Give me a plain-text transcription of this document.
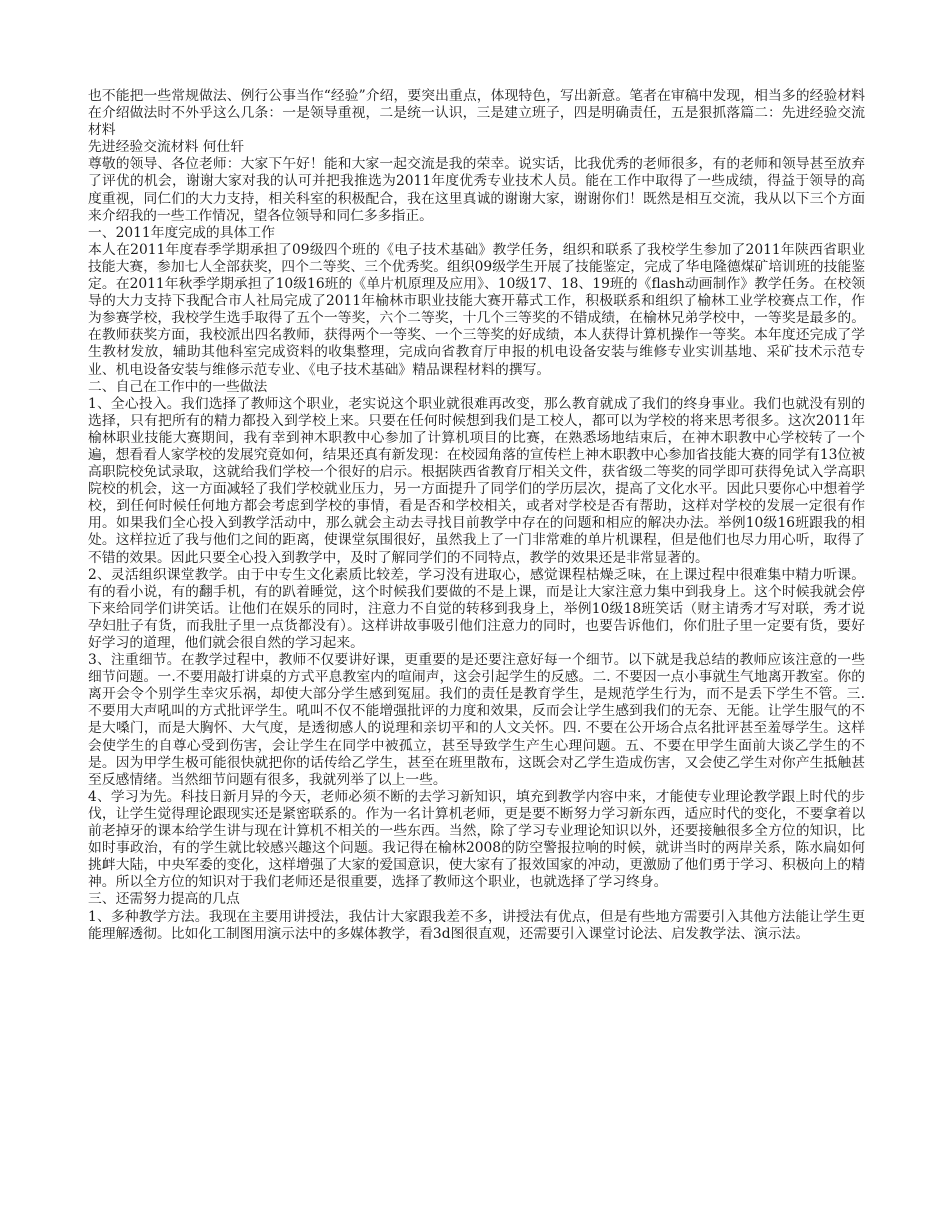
也不能把一些常规做法、例行公事当作“经验”介绍，要突出重点，体现特色，写出新意。笔者在审稿中发现，相当多的经验材料在介绍做法时不外乎这么几条：一是领导重视，二是统一认识，三是建立班子，四是明确责任，五是狠抓落篇二：先进经验交流材料

先进经验交流材料 何仕轩

尊敬的领导、各位老师：大家下午好！能和大家一起交流是我的荣幸。说实话，比我优秀的老师很多，有的老师和领导甚至放弃了评优的机会，谢谢大家对我的认可并把我推选为2011年度优秀专业技术人员。能在工作中取得了一些成绩，得益于领导的高度重视，同仁们的大力支持，相关科室的积极配合，我在这里真诚的谢谢大家，谢谢你们！既然是相互交流，我从以下三个方面来介绍我的一些工作情况，望各位领导和同仁多多指正。

一、2011年度完成的具体工作

本人在2011年度春季学期承担了09级四个班的《电子技术基础》教学任务，组织和联系了我校学生参加了2011年陕西省职业技能大赛，参加七人全部获奖，四个二等奖、三个优秀奖。组织09级学生开展了技能鉴定，完成了华电隆德煤矿培训班的技能鉴定。在2011年秋季学期承担了10级16班的《单片机原理及应用》、10级17、18、19班的《flash动画制作》教学任务。在校领导的大力支持下我配合市人社局完成了2011年榆林市职业技能大赛开幕式工作，积极联系和组织了榆林工业学校赛点工作，作为参赛学校，我校学生选手取得了五个一等奖，六个二等奖，十几个三等奖的不错成绩，在榆林兄弟学校中，一等奖是最多的。在教师获奖方面，我校派出四名教师，获得两个一等奖、一个三等奖的好成绩，本人获得计算机操作一等奖。本年度还完成了学生教材发放，辅助其他科室完成资料的收集整理，完成向省教育厅申报的机电设备安装与维修专业实训基地、采矿技术示范专业、机电设备安装与维修示范专业、《电子技术基础》精品课程材料的撰写。

二、自己在工作中的一些做法

1、全心投入。我们选择了教师这个职业，老实说这个职业就很难再改变，那么教育就成了我们的终身事业。我们也就没有别的选择，只有把所有的精力都投入到学校上来。只要在任何时候想到我们是工校人，都可以为学校的将来思考很多。这次2011年榆林职业技能大赛期间，我有幸到神木职教中心参加了计算机项目的比赛，在熟悉场地结束后，在神木职教中心学校转了一个遍，想看看人家学校的发展究竟如何，结果还真有新发现：在校园角落的宣传栏上神木职教中心参加省技能大赛的同学有13位被高职院校免试录取，这就给我们学校一个很好的启示。根据陕西省教育厅相关文件，获省级二等奖的同学即可获得免试入学高职院校的机会，这一方面减轻了我们学校就业压力，另一方面提升了同学们的学历层次，提高了文化水平。因此只要你心中想着学校，到任何时候任何地方都会考虑到学校的事情，看是否和学校相关，或者对学校是否有帮助，这样对学校的发展一定很有作用。如果我们全心投入到教学活动中，那么就会主动去寻找目前教学中存在的问题和相应的解决办法。举例10级16班跟我的相处。这样拉近了我与他们之间的距离，使课堂氛围很好，虽然我上了一门非常难的单片机课程，但是他们也尽力用心听，取得了不错的效果。因此只要全心投入到教学中，及时了解同学们的不同特点，教学的效果还是非常显著的。

2、灵活组织课堂教学。由于中专生文化素质比较差，学习没有进取心，感觉课程枯燥乏味，在上课过程中很难集中精力听课。有的看小说，有的翻手机，有的趴着睡觉，这个时候我们要做的不是上课，而是让大家注意力集中到我身上。这个时候我就会停下来给同学们讲笑话。让他们在娱乐的同时，注意力不自觉的转移到我身上，举例10级18班笑话（财主请秀才写对联，秀才说孕妇肚子有货，而我肚子里一点货都没有）。这样讲故事吸引他们注意力的同时，也要告诉他们，你们肚子里一定要有货，要好好学习的道理，他们就会很自然的学习起来。

3、注重细节。在教学过程中，教师不仅要讲好课，更重要的是还要注意好每一个细节。以下就是我总结的教师应该注意的一些细节问题。一.不要用敲打讲桌的方式平息教室内的喧闹声，这会引起学生的反感。二. 不要因一点小事就生气地离开教室。你的离开会令个别学生幸灾乐祸，却使大部分学生感到冤屈。我们的责任是教育学生，是规范学生行为，而不是丢下学生不管。三. 不要用大声吼叫的方式批评学生。吼叫不仅不能增强批评的力度和效果，反而会让学生感到我们的无奈、无能。让学生服气的不是大嗓门，而是大胸怀、大气度，是透彻感人的说理和亲切平和的人文关怀。四. 不要在公开场合点名批评甚至羞辱学生。这样会使学生的自尊心受到伤害，会让学生在同学中被孤立，甚至导致学生产生心理问题。五、不要在甲学生面前大谈乙学生的不是。因为甲学生极可能很快就把你的话传给乙学生，甚至在班里散布，这既会对乙学生造成伤害，又会使乙学生对你产生抵触甚至反感情绪。当然细节问题有很多，我就列举了以上一些。

4、学习为先。科技日新月异的今天，老师必须不断的去学习新知识，填充到教学内容中来，才能使专业理论教学跟上时代的步伐，让学生觉得理论跟现实还是紧密联系的。作为一名计算机老师，更是要不断努力学习新东西，适应时代的变化，不要拿着以前老掉牙的课本给学生讲与现在计算机不相关的一些东西。当然，除了学习专业理论知识以外，还要接触很多全方位的知识，比如时事政治，有的学生就比较感兴趣这个问题。我记得在榆林2008的防空警报拉响的时候，就讲当时的两岸关系，陈水扁如何挑衅大陆，中央军委的变化，这样增强了大家的爱国意识，使大家有了报效国家的冲动，更激励了他们勇于学习、积极向上的精神。所以全方位的知识对于我们老师还是很重要，选择了教师这个职业，也就选择了学习终身。

三、还需努力提高的几点

1、多种教学方法。我现在主要用讲授法，我估计大家跟我差不多，讲授法有优点，但是有些地方需要引入其他方法能让学生更能理解透彻。比如化工制图用演示法中的多媒体教学，看3d图很直观，还需要引入课堂讨论法、启发教学法、演示法。
